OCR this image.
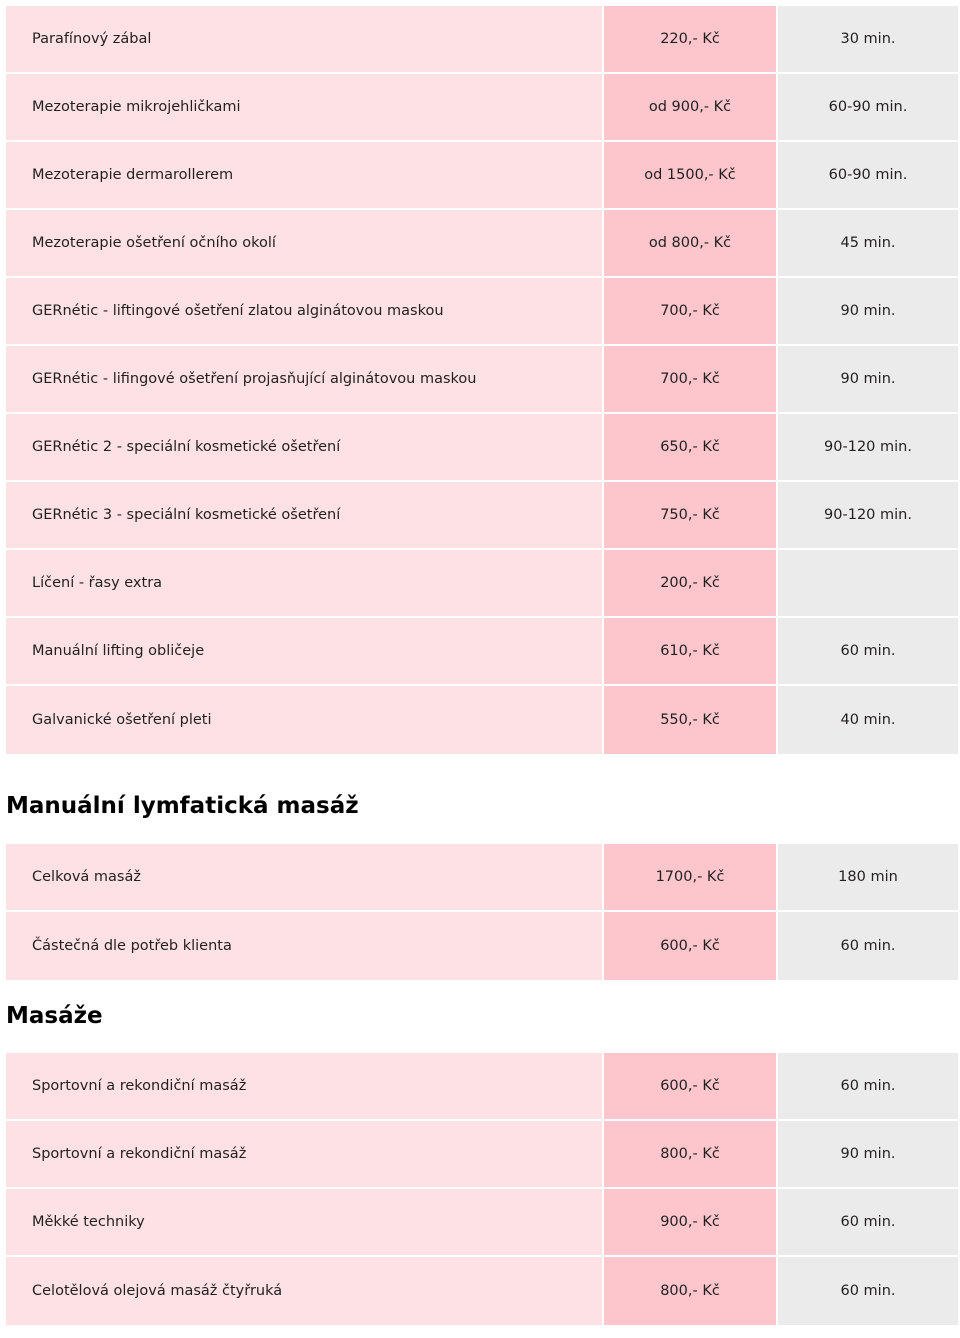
Parafínový zábal	220,- Kč	30 min.
Mezoterapie mikrojehličkami	od 900,- Kč	60-90 min.
Mezoterapie dermarollerem	od 1500,- Kč	60-90 min.
Mezoterapie ošetření očního okolí	od 800,- Kč	45 min.
GERnétic - liftingové ošetření zlatou alginátovou maskou	700,- Kč	90 min.
GERnétic - lifingové ošetření projasňující alginátovou maskou	700,- Kč	90 min.
GERnétic 2 - speciální kosmetické ošetření	650,- Kč	90-120 min.
GERnétic 3 - speciální kosmetické ošetření	750,- Kč	90-120 min.
Líčení - řasy extra	200,- Kč	
Manuální lifting obličeje	610,- Kč	60 min.
Galvanické ošetření pleti	550,- Kč	40 min.
Manuální lymfatická masáž
Celková masáž	1700,- Kč	180 min
Částečná dle potřeb klienta	600,- Kč	60 min.
Masáže
Sportovní a rekondiční masáž	600,- Kč	60 min.
Sportovní a rekondiční masáž	800,- Kč	90 min.
Měkké techniky	900,- Kč	60 min.
Celotělová olejová masáž čtyřruká	800,- Kč	60 min.
